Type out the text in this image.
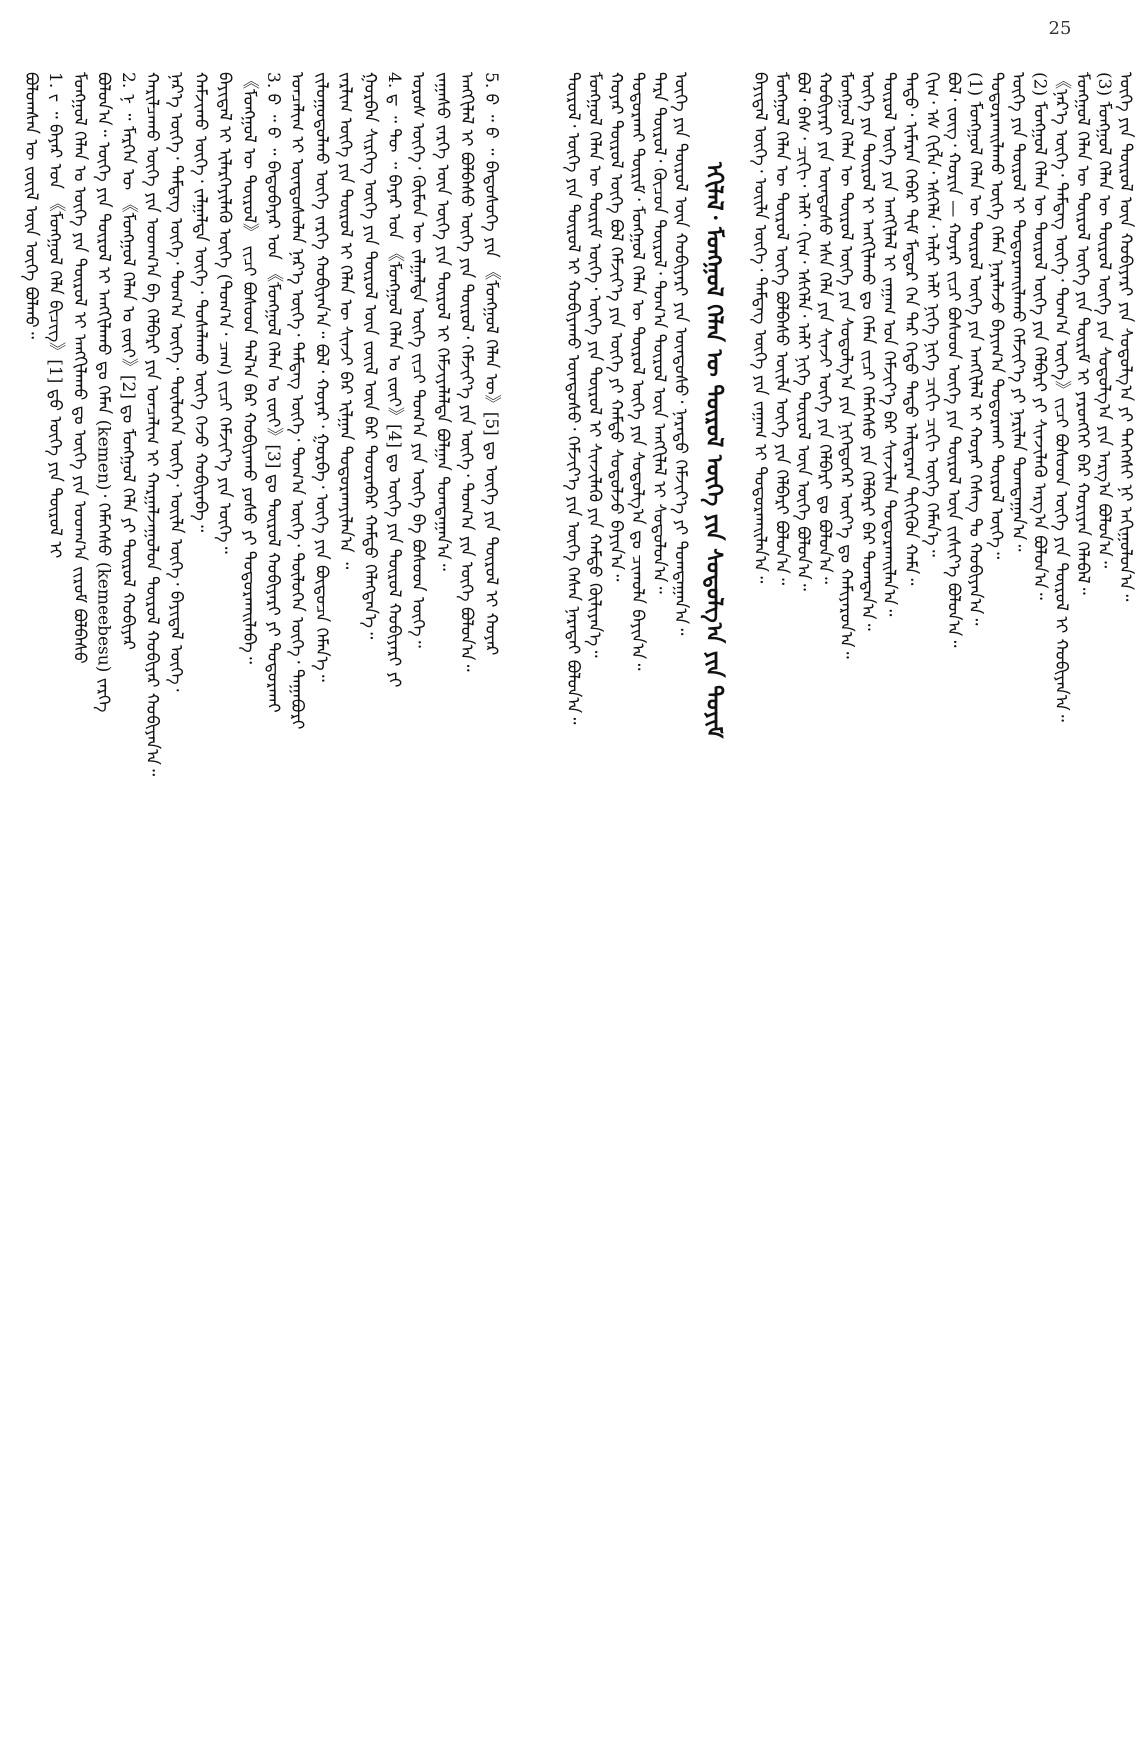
25
ᠪᠣᠯᠤᠭᠰᠠᠨ ᠦ ᠵᠦᠢᠯ ᠦᠨ ᠦᠭᠡ ᠪᠣᠯᠬᠤ᠃ 1. ᠶ᠋ ᠃ ᠪᠠᠶᠠᠷ ᠤᠨ 《ᠮᠣᠩᠭᠣᠯ ᠬᠡᠯᠡ ᠪᠢᠴᠢᠭ》[1] ᠳ᠋ᠤ ᠦᠭᠡ ᠶᠢᠨ ᠲᠥᠷᠥᠯ ᠢ ᠮᠣᠩᠭᠣᠯ ᠬᠡᠯᠡᠨ ᠤ ᠦᠭᠡ ᠶᠢᠨ ᠲᠥᠷᠥᠯ ᠢ ᠠᠩᠭᠢᠯᠠᠬᠤ ᠳᠤ ᠦᠭᠡ ᠶᠢᠨ ᠤᠳᠬ᠎ᠠ ᠵᠢᠷᠤᠮ ᠪᠣᠯᠪᠠᠰᠤ ᠪᠣᠯᠤᠨ᠎ᠠ᠃ ᠦᠭᠡ ᠶᠢᠨ ᠲᠥᠷᠥᠯ ᠢ ᠠᠩᠭᠢᠯᠠᠬᠤ ᠳᠤ ᠬᠡᠮᠡᠨ (kemen)᠂ ᠬᠡᠮᠡᠭᠡᠰᠦ (kemeebesu) ᠵᠡᠷᠭᠡ 2. ᠨ ᠃ ᠮᠡᠷᠭᠡᠨ ᠦ 《ᠮᠣᠩᠭᠣᠯ ᠬᠡᠯᠡᠨ ᠤ ᠵᠦᠢ》[2] ᠳᠤ ᠮᠣᠩᠭᠣᠯ ᠬᠡᠯᠡ ᠶᠢ ᠲᠥᠷᠥᠯ ᠬᠤᠪᠢᠶᠠᠷ ᠬᠠᠷᠢᠯᠴᠠᠬᠤ ᠦᠭᠡ ᠶᠢᠨ ᠤᠳᠬ᠎ᠠ ᠪᠠ ᠬᠡᠯᠪᠡᠷᠢ ᠶᠢᠨ ᠣᠨᠴᠠᠯᠢᠭ ᠢ ᠬᠠᠷᠭᠠᠯᠵᠠᠭᠤᠯᠤᠨ ᠲᠥᠷᠥᠯ ᠬᠤᠪᠢᠶᠠᠷ ᠬᠤᠪᠢᠶᠠᠨ᠎ᠠ᠃ ᠨᠡᠷ᠎ᠡ ᠦᠭᠡ᠂ ᠲᠡᠮᠳᠡᠭ ᠦᠭᠡ᠂ ᠲᠣᠭ᠎ᠠ ᠦᠭᠡ᠂ ᠲᠥᠯᠦᠭᠡᠨ ᠦᠭᠡ᠂ ᠦᠢᠯᠡ ᠦᠭᠡ᠂ ᠪᠠᠶᠢᠳᠠᠯ ᠦᠭᠡ᠂ ᠬᠠᠮᠵᠢᠬᠤ ᠦᠭᠡ᠂ ᠵᠠᠯᠭᠠᠯᠲᠠ ᠦᠭᠡ᠂ ᠲᠤᠰᠠᠯᠠᠬᠤ ᠦᠭᠡ ᠭᠡᠵᠦ ᠬᠤᠪᠢᠶᠠᠪᠠ᠃ ᠪᠠᠶᠢᠳᠠᠯ ᠢ ᠢᠯᠡᠷᠬᠡᠶᠢᠯᠡᠬᠦ ᠦᠭᠡ (ᠲᠣᠭ᠎ᠠ᠂ ᠴᠠᠭ) ᠵᠢᠴᠢ ᠬᠡᠮᠵᠢᠶ᠎ᠡ ᠶᠢᠨ ᠦᠭᠡ᠃ 《ᠮᠣᠩᠭᠣᠯ ᠦ ᠲᠥᠷᠥᠯ》 ᠵᠢᠴᠢ ᠪᠤᠰᠤᠳ ᠲᠠᠯ᠎ᠠ ᠪᠠᠷ ᠬᠤᠪᠢᠶᠠᠬᠤ ᠶᠤᠰᠤ ᠶᠢ ᠲᠣᠳᠤᠷᠬᠠᠢᠯᠠᠪᠠ᠃ 3. ᠪ ᠃ ᠪ ᠃ ᠪᠠᠲᠤᠪᠠᠶᠠᠷ ᠤᠨ 《ᠮᠣᠩᠭᠣᠯ ᠬᠡᠯᠡᠨ ᠤ ᠵᠦᠢ》[3] ᠳᠤ ᠲᠥᠷᠥᠯ ᠬᠤᠪᠢᠶᠠᠷᠢ ᠶᠢ ᠲᠣᠳᠤᠷᠬᠠᠢ ᠣᠨᠴᠠᠯᠢᠭ ᠢ ᠦᠨᠳᠦᠰᠦᠯᠡᠨ ᠨᠡᠷ᠎ᠡ ᠦᠭᠡ᠂ ᠲᠡᠮᠳᠡᠭ ᠦᠭᠡ᠂ ᠲᠣᠭ᠎ᠠ ᠦᠭᠡ᠂ ᠲᠥᠯᠦᠭᠡᠨ ᠦᠭᠡ᠂ ᠳᠠᠭᠠᠪᠤᠷᠢ ᠵᠢᠯᠣᠭᠣᠳᠤᠯᠬᠤ ᠦᠭᠡ ᠵᠡᠷᠭᠡ ᠬᠤᠪᠢᠶᠠᠨ᠎ᠠ᠃ ᠪᠣᠯ᠂ ᠬᠣᠶᠠᠷ᠂ ᠭᠤᠷᠪᠠ᠂ ᠦᠭᠡ ᠶᠢᠨ ᠪᠦᠲᠦᠴᠡ ᠬᠡᠮᠡᠨ᠎ᠡ᠃ ᠵᠠᠷᠯᠢᠭ ᠦᠭᠡ ᠶᠢᠨ ᠲᠥᠷᠥᠯ ᠢ ᠬᠡᠯᠡᠨ ᠦ ᠰᠢᠨᠵᠢ ᠪᠠᠷ ᠢᠯᠭᠠᠨ ᠲᠣᠳᠤᠷᠬᠠᠶᠢᠯᠠᠨ᠎ᠠ ᠃ ᠭᠤᠷᠪᠠᠨ ᠰᠢᠷᠬᠡᠭ ᠦᠭᠡ ᠶᠢᠨ ᠲᠥᠷᠥᠯ ᠦᠨ ᠵᠦᠢᠯ ᠦᠨ ᠪᠠᠷ ᠳᠣᠣᠷᠠᠪᠡᠷ ᠬᠠᠮᠲᠤ ᠬᠡᠯᠡᠭᠳᠡᠨ᠎ᠡ᠃ 4. ᠳ ᠃ ᠲᠥ ᠃ ᠪᠠᠶᠠᠷ ᠤᠨ 《ᠮᠣᠩᠭᠣᠯ ᠬᠡᠯᠡᠨ ᠤ ᠵᠦᠢ》[4] ᠳᠤ ᠦᠭᠡ ᠶᠢᠨ ᠲᠥᠷᠥᠯ ᠬᠤᠪᠢᠶᠠᠷᠢ ᠶᠢ ᠣᠷᠣᠰ ᠦᠭᠡ᠂ ᠬᠦᠮᠦᠨ ᠦ ᠵᠠᠯᠭᠠᠯᠲᠠ ᠦᠭᠡ ᠵᠢᠴᠢ ᠲᠣᠭ᠎ᠠ ᠶᠢᠨ ᠦᠭᠡ ᠪᠠ ᠪᠤᠰᠤᠳ ᠦᠭᠡ᠃ ᠵᠠᠭᠠᠰᠤ ᠵᠡᠷᠭᠡ ᠦᠨ ᠦᠭᠡ ᠶᠢᠨ ᠲᠥᠷᠥᠯ ᠢ ᠬᠡᠮᠵᠢᠶᠡᠯᠡᠯᠲᠡ ᠪᠣᠯᠭᠠᠨ ᠲᠣᠭᠲᠠᠭᠠᠨ᠎ᠠ᠃ ᠠᠩᠭᠢᠯᠠᠯ ᠢ ᠪᠣᠯᠪᠠᠰᠤ ᠦᠭᠡ ᠶᠢᠨ ᠲᠥᠷᠥᠯ᠂ ᠬᠡᠮᠵᠢᠶ᠎ᠡ ᠶᠢᠨ ᠦᠭᠡ᠂ ᠲᠣᠭ᠎ᠠ ᠶᠢᠨ ᠦᠭᠡ ᠪᠣᠯᠤᠨ᠎ᠠ᠃ 5. ᠪ ᠃ ᠪ ᠃ ᠪᠠᠲᠤᠰᠦᠬᠡ ᠶᠢᠨ 《ᠮᠣᠩᠭᠣᠯ ᠬᠡᠯᠡᠨ ᠦ》[5] ᠳᠤ ᠦᠭᠡ ᠶᠢᠨ ᠲᠥᠷᠥᠯ ᠢ ᠬᠣᠶᠠᠷ	ᠲᠥᠷᠥᠯ᠂ ᠦᠭᠡ ᠶᠢᠨ ᠲᠥᠷᠥᠯ ᠢ ᠬᠤᠪᠢᠶᠠᠬᠤ ᠦᠨᠳᠦᠰᠦ᠂ ᠬᠡᠮᠵᠢᠶ᠎ᠡ ᠶᠢᠨ ᠦᠭᠡ ᠭᠡᠰᠡᠨ ᠨᠡᠷᠡᠲᠡᠢ ᠪᠣᠯᠤᠨ᠎ᠠ᠃ ᠮᠣᠩᠭᠣᠯ ᠬᠡᠯᠡᠨ ᠦ ᠳᠦᠷᠢᠮ ᠦᠭᠡ᠂ ᠦᠭᠡ ᠶᠢᠨ ᠲᠥᠷᠥᠯ ᠢ ᠰᠢᠨᠵᠢᠯᠡᠬᠦ ᠶᠢᠨ ᠬᠠᠮᠲᠤ ᠬᠦᠯᠢᠶᠡᠨ᠎ᠡ᠃ ᠬᠣᠶᠠᠷ ᠲᠥᠷᠥᠯ ᠦᠭᠡ ᠪᠣᠯ ᠬᠡᠮᠵᠢᠶ᠎ᠡ ᠶᠢᠨ ᠦᠭᠡ ᠶᠢ ᠬᠠᠮᠲᠤ ᠰᠤᠳᠤᠯᠵᠤ ᠪᠠᠶᠢᠨ᠎ᠠ᠃ ᠲᠣᠳᠤᠷᠬᠠᠢ ᠳᠦᠷᠢᠮ᠂ ᠮᠣᠩᠭᠣᠯ ᠬᠡᠯᠡᠨ ᠦ ᠲᠥᠷᠥᠯ ᠦᠭᠡ ᠶᠢᠨ ᠰᠤᠳᠤᠯᠭ᠎ᠠ ᠳᠤ ᠴᠢᠬᠤᠯᠠ ᠪᠠᠶᠢᠨ᠎ᠠ᠃ ᠳᠡᠷᠡ ᠲᠥᠷᠥᠯ᠂ ᠬᠦᠴᠦᠨ ᠲᠥᠷᠥᠯ᠂ ᠲᠣᠭ᠎ᠠ ᠲᠥᠷᠥᠯ ᠦᠨ ᠠᠩᠭᠢᠯᠠᠯ ᠢ ᠰᠤᠳᠤᠯᠤᠨ᠎ᠠ᠃ ᠦᠭᠡ ᠶᠢᠨ ᠲᠥᠷᠥᠯ ᠦᠨ ᠬᠤᠪᠢᠶᠠᠷᠢ ᠶᠢᠨ ᠦᠨᠳᠦᠰᠦ᠂ ᠨᠡᠷᠡᠲᠦ ᠬᠡᠮᠵᠢᠶ᠎ᠡ ᠶᠢ ᠲᠣᠭᠲᠠᠭᠠᠨ᠎ᠠ᠃ ᠡᠬᠢᠯᠡᠯ᠂ ᠮᠣᠩᠭᠣᠯ ᠬᠡᠯᠡᠨ ᠦ ᠲᠥᠷᠥᠯ ᠦᠭᠡ ᠶᠢᠨ ᠰᠤᠳᠤᠯᠭ᠎ᠠ ᠶᠢᠨ ᠲᠣᠶᠢᠮ ᠪᠠᠶᠢᠳᠠᠯ ᠦᠭᠡ᠂ ᠦᠢᠯᠡ ᠦᠭᠡ᠂ ᠲᠡᠮᠳᠡᠭ ᠦᠭᠡ ᠶᠢᠨ ᠵᠠᠭᠠᠭ ᠢ ᠲᠣᠳᠤᠷᠬᠠᠢᠯᠠᠨ᠎ᠠ᠃ ᠮᠣᠩᠭᠣᠯ ᠬᠡᠯᠡᠨ ᠦ ᠲᠥᠷᠥᠯ ᠦᠭᠡ ᠪᠣᠯᠪᠠᠰᠤ ᠦᠢᠯᠡ ᠦᠭᠡ ᠶᠢᠨ ᠬᠡᠯᠪᠡᠷᠢ ᠪᠣᠯᠤᠨ᠎ᠠ᠃ ᠪᠣᠯ᠂ ᠪᠠᠰ᠂ ᠴᠢᠭᠢ᠂ ᠠᠯᠢ᠂ ᠭᠢᠬ᠂ ᠡᠰᠭᠡᠯᠡ᠂ ᠠᠯᠢ ᠨᠢᠭᠡ ᠲᠥᠷᠥᠯ ᠦᠨ ᠦᠭᠡ ᠪᠣᠯᠤᠨ᠎ᠠ᠃ ᠬᠤᠪᠢᠶᠠᠷᠢ ᠶᠢᠨ ᠦᠨᠳᠦᠰᠦ ᠡᠰᠡ ᠬᠡᠯᠡ ᠶᠢᠨ ᠰᠢᠨᠵᠢ ᠦᠭᠡ ᠶᠢᠨ ᠬᠡᠯᠪᠡᠷᠢ ᠳᠤ ᠪᠣᠯᠤᠨ᠎ᠠ᠃ ᠮᠣᠩᠭᠣᠯ ᠬᠡᠯᠡᠨ ᠦ ᠲᠥᠷᠥᠯ ᠦᠭᠡ ᠶᠢᠨ ᠰᠤᠳᠤᠯᠭ᠎ᠠ ᠶᠢᠨ ᠨᠢᠭᠡᠳᠦᠭᠡᠷ ᠦᠶ᠎ᠡ ᠳᠤ ᠬᠠᠮᠢᠶᠠᠷᠤᠨ᠎ᠠ᠃ ᠦᠭᠡ ᠶᠢᠨ ᠲᠥᠷᠥᠯ ᠢ ᠠᠩᠭᠢᠯᠠᠬᠤ ᠳᠤ ᠬᠡᠮᠡᠨ ᠵᠢᠴᠢ ᠬᠡᠮᠡᠭᠡᠰᠦ ᠶᠢᠨ ᠬᠡᠯᠪᠡᠷᠢ ᠪᠠᠷ ᠲᠣᠭᠲᠠᠨ᠎ᠠ᠃ ᠲᠥᠷᠥᠯ ᠦᠭᠡ ᠶᠢᠨ ᠠᠩᠭᠢᠯᠠᠯ ᠢ ᠵᠠᠭᠠᠭ ᠤᠨ ᠬᠡᠮᠵᠢᠶ᠎ᠡ ᠪᠠᠷ ᠰᠢᠨᠵᠢᠯᠡᠨ ᠲᠣᠳᠤᠷᠬᠠᠢᠯᠠᠨ᠎ᠠ᠃ ᠲᠡᠳᠦ᠂ ᠢᠮᠠᠷᠠᠨ ᠬᠡᠪᠡᠷ ᠲᠢᠮ ᠮᠡᠲᠦᠷ ᠬᠡᠨ ᠲᠡᠷ ᠬᠡᠳᠦ ᠲᠡᠳᠦ ᠠᠯᠢᠳᠠᠷᠠᠨ ᠲᠢᠭᠢᠭᠦᠨ ᠬᠠᠮᠠ᠃ ᠭᠢᠬ᠂ ᠡᠰ ᠭᠢᠬᠯᠡ᠂ ᠡᠰᠭᠡᠯᠡ᠂ ᠠᠯᠢᠷ ᠠᠯᠢ ᠨᠢᠭᠡ ᠨᠢᠭᠡ ᠴᠢᠭᠢ ᠴᠢᠭᠢ ᠦᠭᠡ ᠬᠡᠮᠡᠨ᠎ᠡ᠃ ᠪᠣᠯ᠂ ᠵᠦᠭ᠂ ᠬᠣᠷᠢᠨ — ᠬᠣᠶᠠᠷ ᠵᠢᠴᠢ ᠪᠤᠰᠤᠳ ᠦᠭᠡ ᠶᠢᠨ ᠲᠥᠷᠥᠯ ᠦᠨ ᠵᠢᠱᠢᠶ᠎ᠡ ᠪᠣᠯᠤᠨ᠎ᠠ᠃ (1) ᠮᠣᠩᠭᠣᠯ ᠬᠡᠯᠡᠨ ᠦ ᠲᠥᠷᠥᠯ ᠦᠭᠡ ᠶᠢᠨ ᠠᠩᠭᠢᠯᠠᠯ ᠢ ᠬᠣᠶᠠᠷ ᠬᠡᠰᠡᠭ ᠲᠤ ᠬᠤᠪᠢᠶᠠᠨ᠎ᠠ᠃ ᠲᠣᠳᠤᠷᠬᠠᠢᠯᠠᠬᠤ ᠦᠭᠡ ᠬᠡᠮᠡᠨ ᠨᠡᠷᠡᠯᠡᠵᠦ ᠪᠠᠶᠢᠭ᠎ᠠ ᠲᠣᠳᠤᠷᠬᠠᠢ ᠲᠥᠷᠥᠯ ᠦᠭᠡ᠃ ᠦᠭᠡ ᠶᠢᠨ ᠲᠥᠷᠥᠯ ᠢ ᠲᠣᠳᠤᠷᠬᠠᠢᠯᠠᠬᠤ ᠬᠡᠮᠵᠢᠶ᠎ᠡ ᠶᠢ ᠨᠠᠷᠢᠯᠠᠨ ᠲᠣᠭᠲᠠᠭᠠᠨ᠎ᠠ᠃ (2) ᠮᠣᠩᠭᠣᠯ ᠬᠡᠯᠡᠨ ᠦ ᠲᠥᠷᠥᠯ ᠦᠭᠡ ᠶᠢᠨ ᠬᠡᠯᠪᠡᠷᠢ ᠶᠢ ᠰᠢᠨᠵᠢᠯᠡᠬᠦ ᠠᠷᠭ᠎ᠠ ᠪᠣᠯᠤᠨ᠎ᠠ᠃ 《ᠨᠡᠷ᠎ᠡ ᠦᠭᠡ᠂ ᠲᠡᠮᠳᠡᠭ ᠦᠭᠡ᠂ ᠲᠣᠭ᠎ᠠ ᠦᠭᠡ》ᠵᠢᠴᠢ ᠪᠤᠰᠤᠳ ᠦᠭᠡ ᠶᠢᠨ ᠲᠥᠷᠥᠯ ᠢ ᠬᠤᠪᠢᠶᠠᠨ᠎ᠠ᠃ ᠮᠣᠩᠭᠣᠯ ᠬᠡᠯᠡᠨ ᠦ ᠲᠥᠷᠥᠯ ᠦᠭᠡ ᠶᠢᠨ ᠳᠦᠷᠢᠮ ᠢ ᠶᠡᠷᠦᠩᠬᠡᠢ ᠪᠠᠷ ᠬᠤᠷᠢᠶᠠᠨ ᠬᠡᠯᠡᠪᠡᠯ᠃ (3) ᠮᠣᠩᠭᠣᠯ ᠬᠡᠯᠡᠨ ᠦ ᠲᠥᠷᠥᠯ ᠦᠭᠡ ᠶᠢᠨ ᠰᠤᠳᠤᠯᠭ᠎ᠠ ᠶᠢᠨ ᠠᠷᠭ᠎ᠠ ᠪᠣᠯᠤᠨ᠎ᠠ᠃ ᠦᠭᠡ ᠶᠢᠨ ᠲᠥᠷᠥᠯ ᠦᠨ ᠬᠤᠪᠢᠶᠠᠷᠢ ᠶᠢᠨ ᠰᠤᠳᠤᠯᠭ᠎ᠠ ᠶᠢ ᠳᠡᠭᠡᠭᠰᠢ ᠨᠢ ᠠᠬᠢᠭᠤᠯᠤᠨ᠎ᠠ᠃
